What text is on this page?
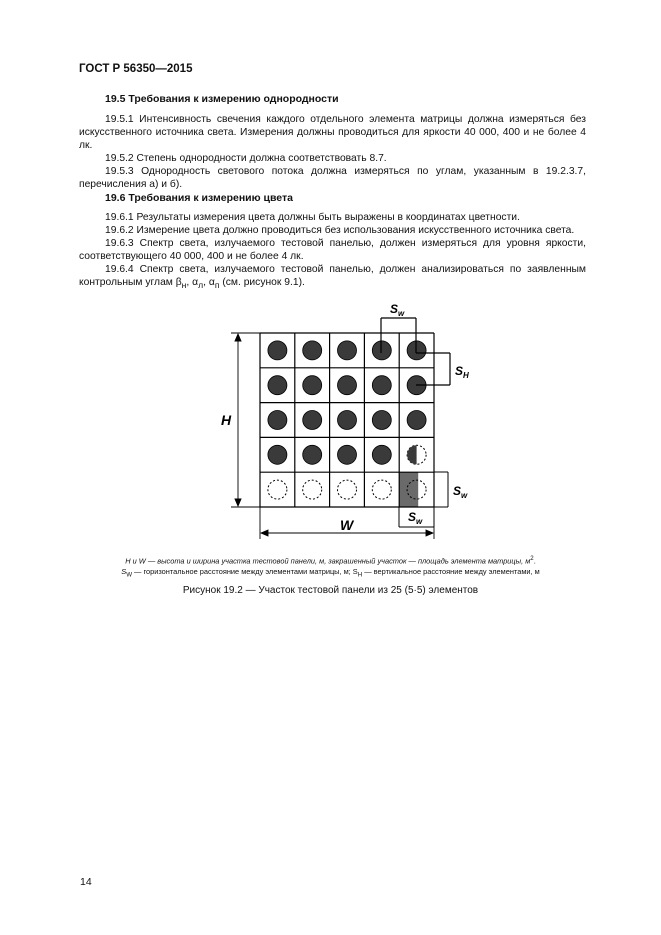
ГОСТ Р 56350—2015
19.5 Требования к измерению однородности

19.5.1 Интенсивность свечения каждого отдельного элемента матрицы должна измеряться без искусственного источника света. Измерения должны проводиться для яркости 40 000, 400 и не более 4 лк.

19.5.2 Степень однородности должна соответствовать 8.7.

19.5.3 Однородность светового потока должна измеряться по углам, указанным в 19.2.3.7, перечисления а) и б).

19.6 Требования к измерению цвета

19.6.1 Результаты измерения цвета должны быть выражены в координатах цветности.

19.6.2 Измерение цвета должно проводиться без использования искусственного источника света.

19.6.3 Спектр света, излучаемого тестовой панелью, должен измеряться для уровня яркости, соответствующего 40 000, 400 и не более 4 лк.

19.6.4 Спектр света, излучаемого тестовой панелью, должен анализироваться по заявленным контрольным углам $\beta_н$, $\alpha_л$, $\alpha_п$ (см. рисунок 9.1).

H
W
$S_w$
$S_H$
$S_w$
$S_w$
H и W — высота и ширина участка тестовой панели, м, закрашенный участок — площадь элемента матрицы, $м^2$.
$S_W$ — горизонтальное расстояние между элементами матрицы, м; $S_H$ — вертикальное расстояние между элементами, м
Рисунок 19.2 — Участок тестовой панели из 25 (5·5) элементов
14
